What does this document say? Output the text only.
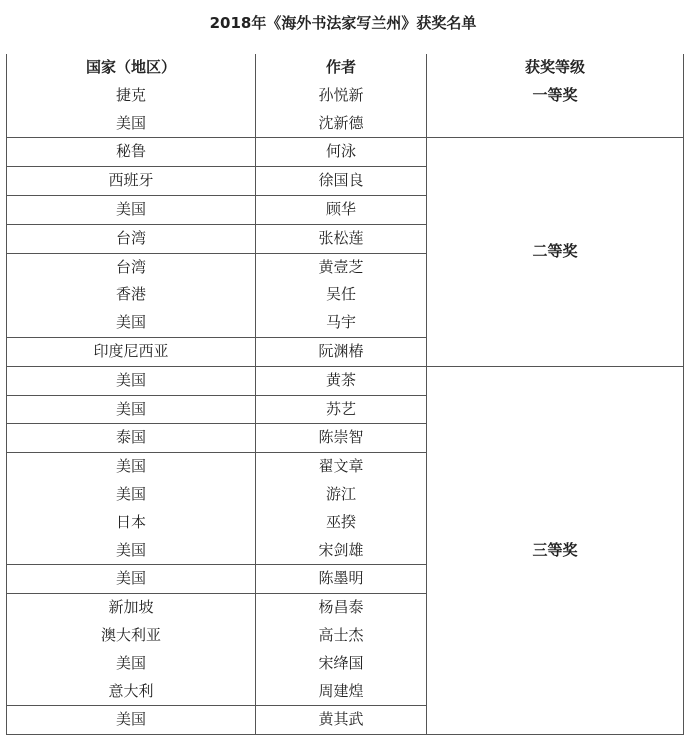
2018年《海外书法家写兰州》获奖名单
国家（地区）	作者	获奖等级
捷克	孙悦新	一等奖
美国	沈新德	
秘鲁	何泳	二等奖
西班牙	徐国良	
美国	顾华	
台湾	张松莲	
台湾	黄壹芝	
香港	吴任	
美国	马宇	
印度尼西亚	阮渊椿	
美国	黄茶	三等奖
美国	苏艺	
泰国	陈崇智	
美国	翟文章	
美国	游江	
日本	巫揆	
美国	宋剑雄	
美国	陈墨明	
新加坡	杨昌泰	
澳大利亚	高士杰	
美国	宋绛国	
意大利	周建煌	
美国	黄其武	
